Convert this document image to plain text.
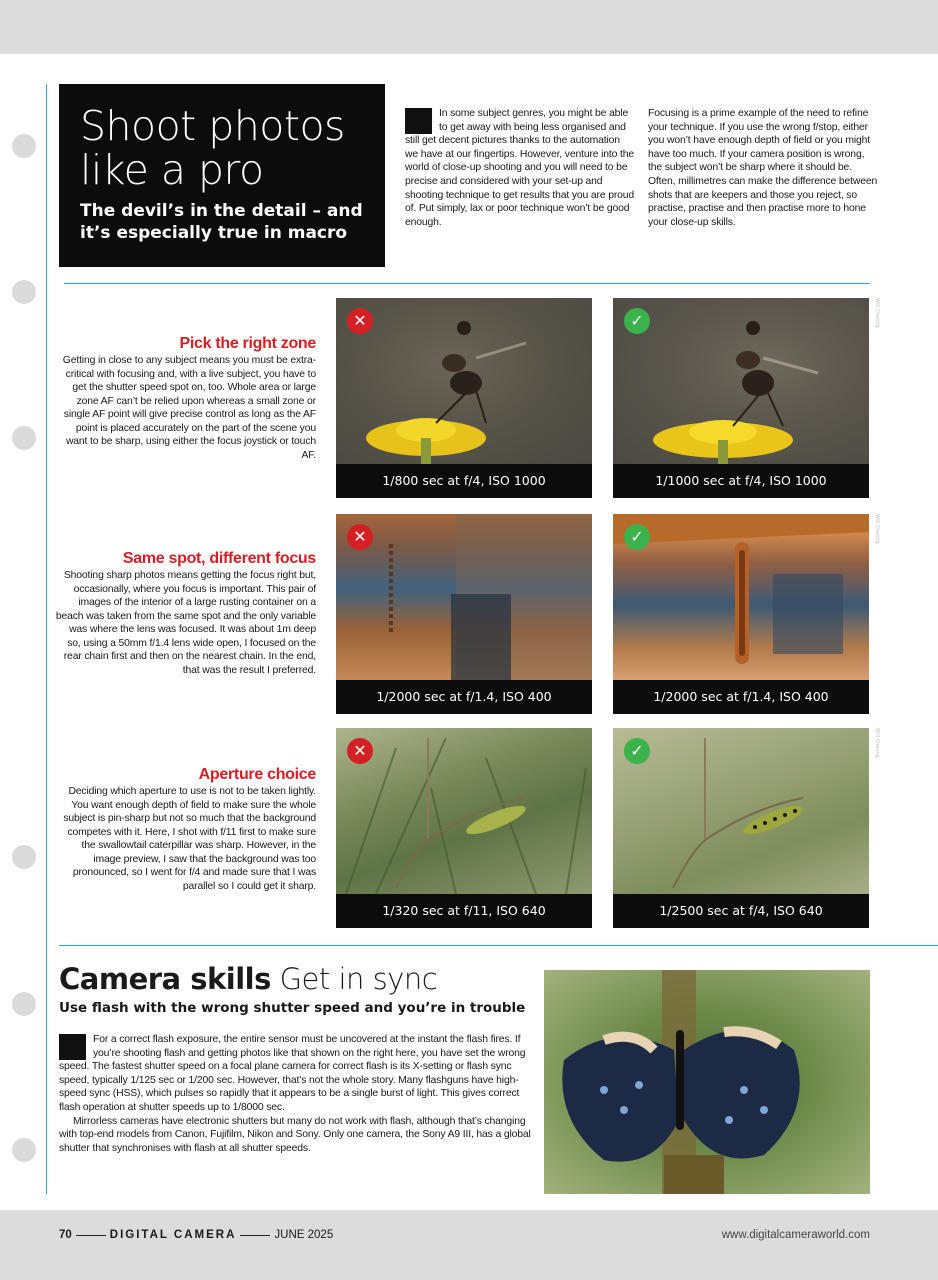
Shoot photos like a pro
The devil’s in the detail – and it’s especially true in macro
In some subject genres, you might be able to get away with being less organised and still get decent pictures thanks to the automation we have at our fingertips. However, venture into the world of close-up shooting and you will need to be precise and considered with your set-up and shooting technique to get results that you are proud of. Put simply, lax or poor technique won’t be good enough.
Focusing is a prime example of the need to refine your technique. If you use the wrong f/stop, either you won’t have enough depth of field or you might have too much. If your camera position is wrong, the subject won’t be sharp where it should be. Often, millimetres can make the difference between shots that are keepers and those you reject, so practise, practise and then practise more to hone your close-up skills.
Pick the right zone

Getting in close to any subject means you must be extra-critical with focusing and, with a live subject, you have to get the shutter speed spot on, too. Whole area or large zone AF can’t be relied upon whereas a small zone or single AF point will give precise control as long as the AF point is placed accurately on the part of the scene you want to be sharp, using either the focus joystick or touch AF.

Same spot, different focus

Shooting sharp photos means getting the focus right but, occasionally, where you focus is important. This pair of images of the interior of a large rusting container on a beach was taken from the same spot and the only variable was where the lens was focused. It was about 1m deep so, using a 50mm f/1.4 lens wide open, I focused on the rear chain first and then on the nearest chain. In the end, that was the result I preferred.

Aperture choice

Deciding which aperture to use is not to be taken lightly. You want enough depth of field to make sure the whole subject is pin-sharp but not so much that the background competes with it. Here, I shot with f/11 first to make sure the swallowtail caterpillar was sharp. However, in the image preview, I saw that the background was too pronounced, so I went for f/4 and made sure that I was parallel so I could get it sharp.

✕
1/800 sec at f/4, ISO 1000
✓
1/1000 sec at f/4, ISO 1000
✕
1/2000 sec at f/1.4, ISO 400
✓
1/2000 sec at f/1.4, ISO 400
✕
1/320 sec at f/11, ISO 640
✓
1/2500 sec at f/4, ISO 640
Will Cheung
Will Cheung
Will Cheung
Camera skills Get in sync
Use flash with the wrong shutter speed and you’re in trouble

For a correct flash exposure, the entire sensor must be uncovered at the instant the flash fires. If you’re shooting flash and getting photos like that shown on the right here, you have set the wrong speed. The fastest shutter speed on a focal plane camera for correct flash is its X-setting or flash sync speed, typically 1/125 sec or 1/200 sec. However, that’s not the whole story. Many flashguns have high-speed sync (HSS), which pulses so rapidly that it appears to be a single burst of light. This gives correct flash operation at shutter speeds up to 1/8000 sec.

Mirrorless cameras have electronic shutters but many do not work with flash, although that’s changing with top-end models from Canon, Fujifilm, Nikon and Sony. Only one camera, the Sony A9 III, has a global shutter that synchronises with flash at all shutter speeds.

70	DIGITAL CAMERA	JUNE 2025	www.digitalcameraworld.com
